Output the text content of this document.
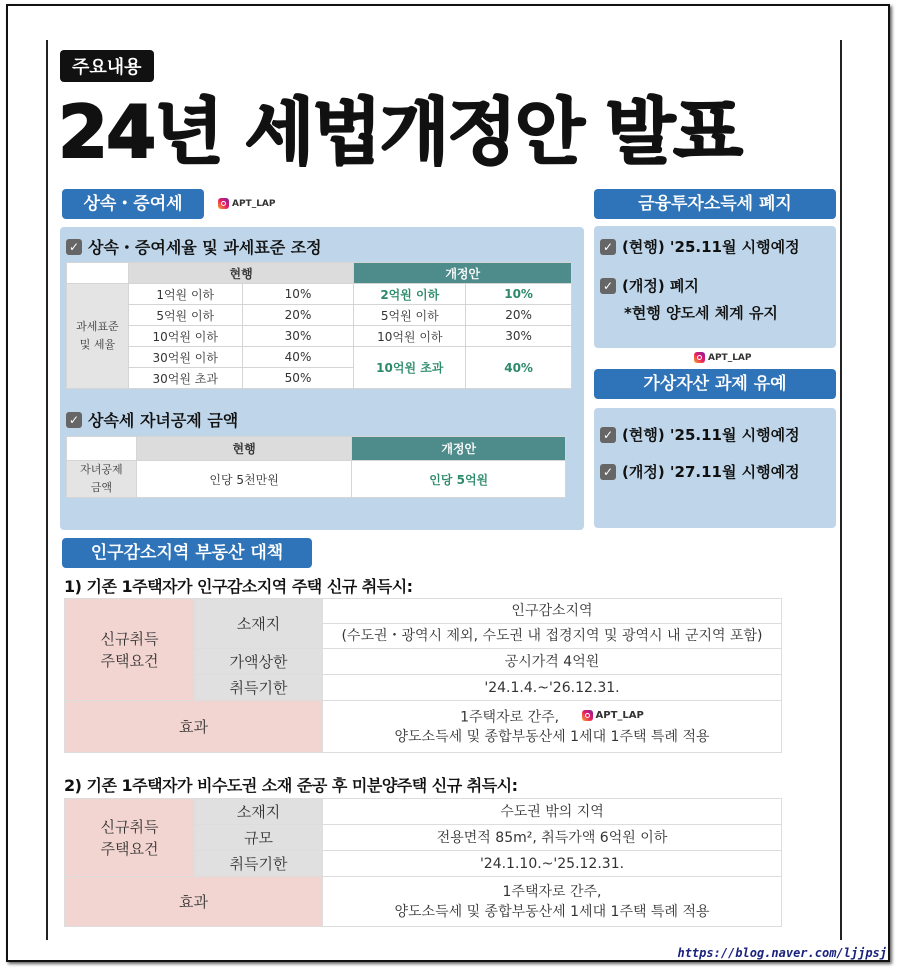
주요내용
24년 세법개정안 발표
상속・증여세	APT_LAP
✓ 상속・증여세율 및 과세표준 조정
	현행		개정안	
과세표준
및 세율	1억원 이하	10%	2억원 이하	10%
	5억원 이하	20%	5억원 이하	20%
	10억원 이하	30%	10억원 이하	30%
	30억원 이하	40%	10억원 초과	40%
	30억원 초과	50%		
✓ 상속세 자녀공제 금액
	현행	개정안
자녀공제
금액	인당 5천만원	인당 5억원
금융투자소득세 폐지
✓ (현행) '25.11월 시행예정
✓ (개정) 폐지
*현행 양도세 체계 유지
APT_LAP
가상자산 과제 유예
✓ (현행) '25.11월 시행예정
✓ (개정) '27.11월 시행예정
인구감소지역 부동산 대책
1) 기존 1주택자가 인구감소지역 주택 신규 취득시:
신규취득
주택요건	소재지	인구감소지역
		(수도권・광역시 제외, 수도권 내 접경지역 및 광역시 내 군지역 포함)
	가액상한	공시가격 4억원
	취득기한	'24.1.4.~'26.12.31.
효과		1주택자로 간주, APT_LAP

양도소득세 및 종합부동산세 1세대 1주택 특례 적용
2) 기존 1주택자가 비수도권 소재 준공 후 미분양주택 신규 취득시:
신규취득
주택요건	소재지	수도권 밖의 지역
	규모	전용면적 85m², 취득가액 6억원 이하
	취득기한	'24.1.10.~'25.12.31.
효과		1주택자로 간주,
양도소득세 및 종합부동산세 1세대 1주택 특례 적용
https://blog.naver.com/ljjpsj
